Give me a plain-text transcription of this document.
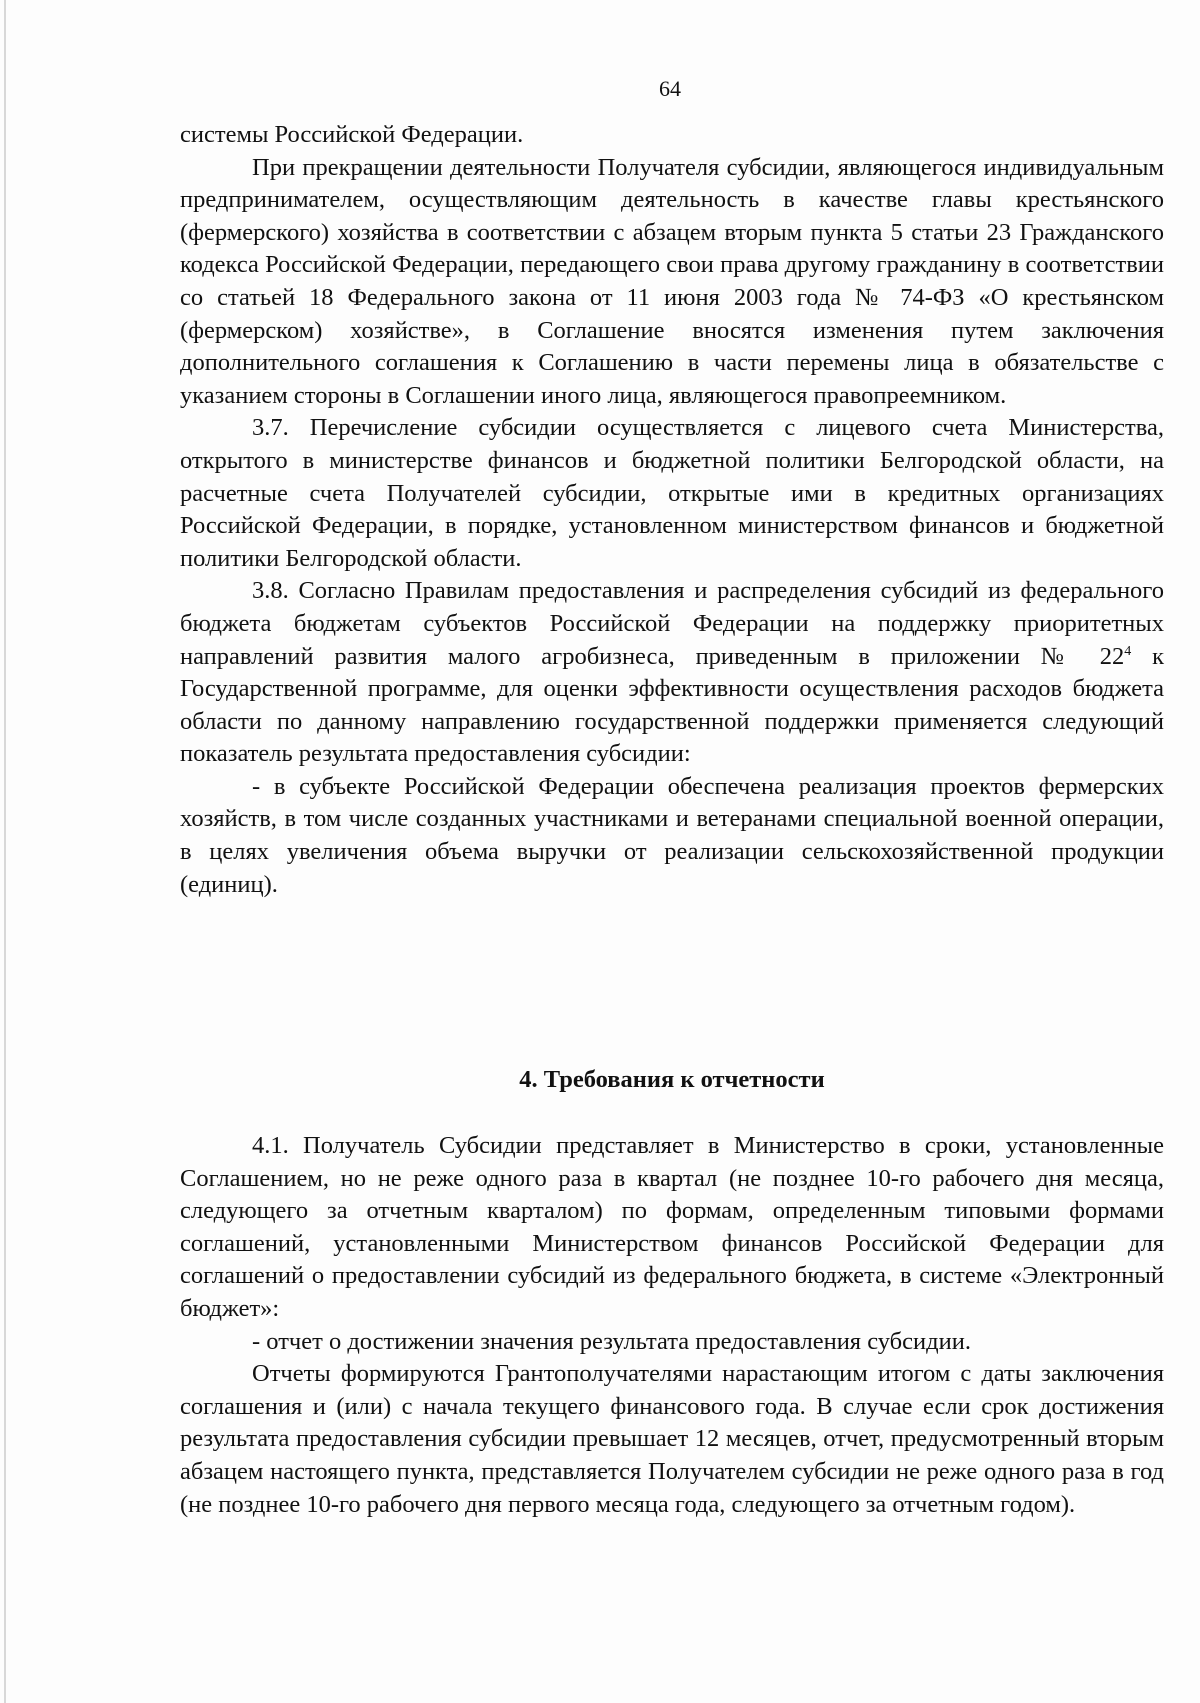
64

системы Российской Федерации.

При прекращении деятельности Получателя субсидии, являющегося индивидуальным предпринимателем, осуществляющим деятельность в качестве главы крестьянского (фермерского) хозяйства в соответствии с абзацем вторым пункта 5 статьи 23 Гражданского кодекса Российской Федерации, передающего свои права другому гражданину в соответствии со статьей 18 Федерального закона от 11 июня 2003 года № 74-ФЗ «О крестьянском (фермерском) хозяйстве», в Соглашение вносятся изменения путем заключения дополнительного соглашения к Соглашению в части перемены лица в обязательстве с указанием стороны в Соглашении иного лица, являющегося правопреемником.

3.7. Перечисление субсидии осуществляется с лицевого счета Министерства, открытого в министерстве финансов и бюджетной политики Белгородской области, на расчетные счета Получателей субсидии, открытые ими в кредитных организациях Российской Федерации, в порядке, установленном министерством финансов и бюджетной политики Белгородской области.

3.8. Согласно Правилам предоставления и распределения субсидий из федерального бюджета бюджетам субъектов Российской Федерации на поддержку приоритетных направлений развития малого агробизнеса, приведенным в приложении № $22^4$ к Государственной программе, для оценки эффективности осуществления расходов бюджета области по данному направлению государственной поддержки применяется следующий показатель результата предоставления субсидии:

- в субъекте Российской Федерации обеспечена реализация проектов фермерских хозяйств, в том числе созданных участниками и ветеранами специальной военной операции, в целях увеличения объема выручки от реализации сельскохозяйственной продукции (единиц).

4. Требования к отчетности

4.1. Получатель Субсидии представляет в Министерство в сроки, установленные Соглашением, но не реже одного раза в квартал (не позднее 10-го рабочего дня месяца, следующего за отчетным кварталом) по формам, определенным типовыми формами соглашений, установленными Министерством финансов Российской Федерации для соглашений о предоставлении субсидий из федерального бюджета, в системе «Электронный бюджет»:

- отчет о достижении значения результата предоставления субсидии.

Отчеты формируются Грантополучателями нарастающим итогом с даты заключения соглашения и (или) с начала текущего финансового года. В случае если срок достижения результата предоставления субсидии превышает 12 месяцев, отчет, предусмотренный вторым абзацем настоящего пункта, представляется Получателем субсидии не реже одного раза в год (не позднее 10-го рабочего дня первого месяца года, следующего за отчетным годом).
